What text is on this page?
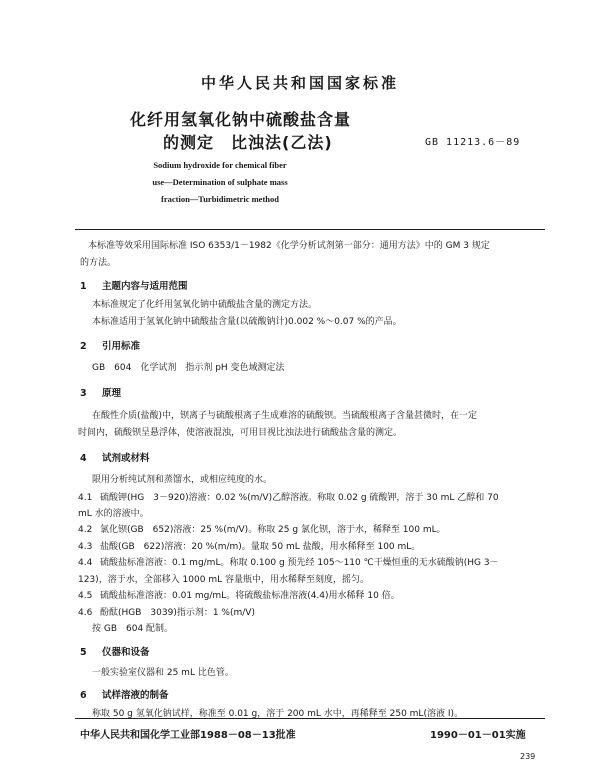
中华人民共和国国家标准
化纤用氢氧化钠中硫酸盐含量
的测定　比浊法(乙法)	GB 11213.6－89
Sodium hydroxide for chemical fiber
use—Determination of sulphate mass
fraction—Turbidimetric method
本标准等效采用国际标准 ISO 6353/1－1982《化学分析试剂第一部分：通用方法》中的 GM 3 规定
的方法。
1 主题内容与适用范围
本标准规定了化纤用氢氧化钠中硫酸盐含量的测定方法。
本标准适用于氢氧化钠中硫酸盐含量(以硫酸钠计)0.002 %～0.07 %的产品。
2 引用标准
GB　604　化学试剂　指示剂 pH 变色域测定法
3 原理
在酸性介质(盐酸)中，钡离子与硫酸根离子生成难溶的硫酸钡。当硫酸根离子含量甚微时，在一定
时间内，硫酸钡呈悬浮体，使溶液混浊，可用目视比浊法进行硫酸盐含量的测定。
4 试剂或材料
限用分析纯试剂和蒸馏水，或相应纯度的水。
4.1 硫酸钾(HG　3－920)溶液：0.02 %(m/V)乙醇溶液。称取 0.02 g 硫酸钾，溶于 30 mL 乙醇和 70
mL 水的溶液中。
4.2 氯化钡(GB　652)溶液：25 %(m/V)。称取 25 g 氯化钡，溶于水，稀释至 100 mL。
4.3 盐酸(GB　622)溶液：20 %(m/m)。量取 50 mL 盐酸，用水稀释至 100 mL。
4.4 硫酸盐标准溶液：0.1 mg/mL。称取 0.100 g 预先经 105～110 ℃干燥恒重的无水硫酸钠(HG 3－
123)，溶于水，全部移入 1000 mL 容量瓶中，用水稀释至刻度，摇匀。
4.5 硫酸盐标准溶液：0.01 mg/mL。将硫酸盐标准溶液(4.4)用水稀释 10 倍。
4.6 酚酞(HGB　3039)指示剂：1 %(m/V)
按 GB　604 配制。
5 仪器和设备
一般实验室仪器和 25 mL 比色管。
6 试样溶液的制备
称取 50 g 氢氧化钠试样，称准至 0.01 g，溶于 200 mL 水中，再稀释至 250 mL(溶液 I)。
中华人民共和国化学工业部1988－08－13批准	1990－01－01实施
239
